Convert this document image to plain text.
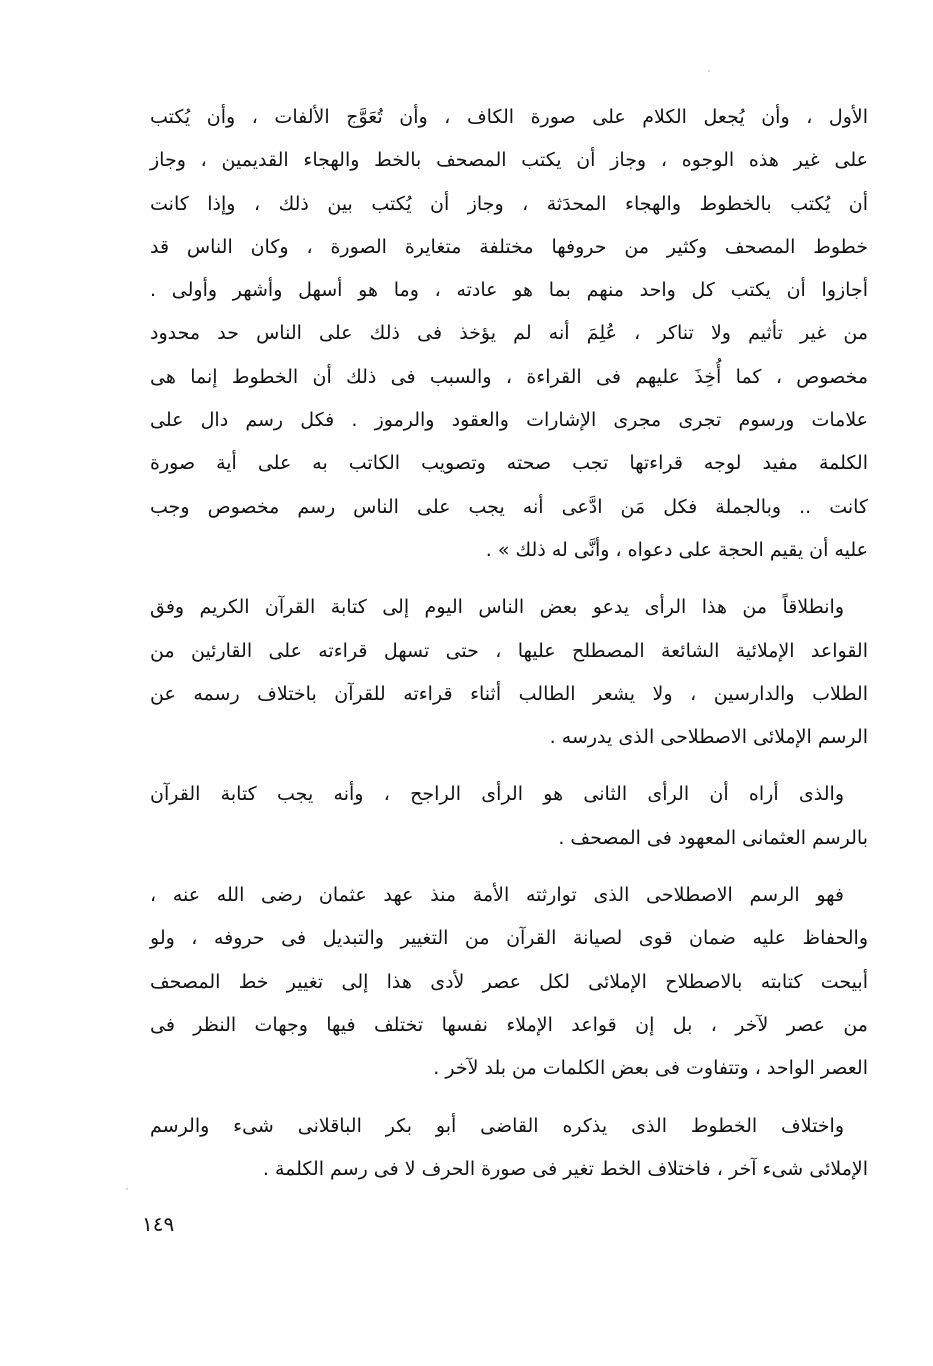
الأول ، وأن يُجعل الكلام على صورة الكاف ، وأن تُعَوَّج الألفات ، وأن يُكتب
على غير هذه الوجوه ، وجاز أن يكتب المصحف بالخط والهجاء القديمين ، وجاز
أن يُكتب بالخطوط والهجاء المحدَثة ، وجاز أن يُكتب بين ذلك ، وإذا كانت
خطوط المصحف وكثير من حروفها مختلفة متغايرة الصورة ، وكان الناس قد
أجازوا أن يكتب كل واحد منهم بما هو عادته ، وما هو أسهل وأشهر وأولى .
من غير تأثيم ولا تناكر ، عُلِمَ أنه لم يؤخذ فى ذلك على الناس حد محدود
مخصوص ، كما أُخِذَ عليهم فى القراءة ، والسبب فى ذلك أن الخطوط إنما هى
علامات ورسوم تجرى مجرى الإشارات والعقود والرموز . فكل رسم دال على
الكلمة مفيد لوجه قراءتها تجب صحته وتصويب الكاتب به على أية صورة
كانت .. وبالجملة فكل مَن ادَّعى أنه يجب على الناس رسم مخصوص وجب
عليه أن يقيم الحجة على دعواه ، وأنَّى له ذلك » .
وانطلاقاً من هذا الرأى يدعو بعض الناس اليوم إلى كتابة القرآن الكريم وفق
القواعد الإملائية الشائعة المصطلح عليها ، حتى تسهل قراءته على القارئين من
الطلاب والدارسين ، ولا يشعر الطالب أثناء قراءته للقرآن باختلاف رسمه عن
الرسم الإملائى الاصطلاحى الذى يدرسه .
والذى أراه أن الرأى الثانى هو الرأى الراجح ، وأنه يجب كتابة القرآن
بالرسم العثمانى المعهود فى المصحف .
فهو الرسم الاصطلاحى الذى توارثته الأمة منذ عهد عثمان رضى الله عنه ،
والحفاظ عليه ضمان قوى لصيانة القرآن من التغيير والتبديل فى حروفه ، ولو
أبيحت كتابته بالاصطلاح الإملائى لكل عصر لأدى هذا إلى تغيير خط المصحف
من عصر لآخر ، بل إن قواعد الإملاء نفسها تختلف فيها وجهات النظر فى
العصر الواحد ، وتتفاوت فى بعض الكلمات من بلد لآخر .
واختلاف الخطوط الذى يذكره القاضى أبو بكر الباقلانى شىء والرسم
الإملائى شىء آخر ، فاختلاف الخط تغير فى صورة الحرف لا فى رسم الكلمة .
١٤٩
